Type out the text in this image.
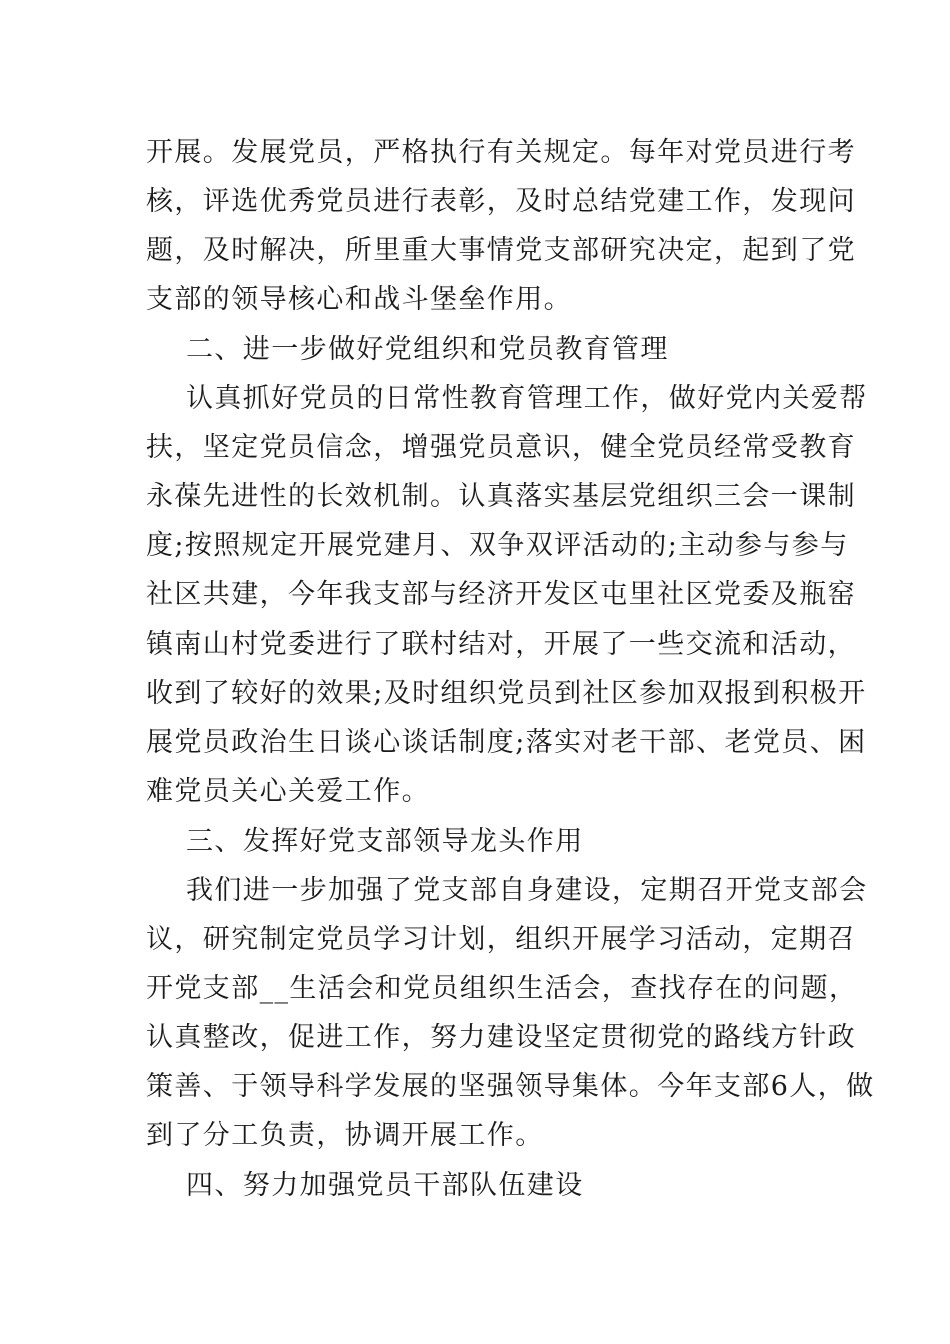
开展。发展党员，严格执行有关规定。每年对党员进行考

核，评选优秀党员进行表彰，及时总结党建工作，发现问

题，及时解决，所里重大事情党支部研究决定，起到了党

支部的领导核心和战斗堡垒作用。

二、进一步做好党组织和党员教育管理

认真抓好党员的日常性教育管理工作，做好党内关爱帮

扶，坚定党员信念，增强党员意识，健全党员经常受教育

永葆先进性的长效机制。认真落实基层党组织三会一课制

度;按照规定开展党建月、双争双评活动的;主动参与参与

社区共建，今年我支部与经济开发区屯里社区党委及瓶窑

镇南山村党委进行了联村结对，开展了一些交流和活动，

收到了较好的效果;及时组织党员到社区参加双报到积极开

展党员政治生日谈心谈话制度;落实对老干部、老党员、困

难党员关心关爱工作。

三、发挥好党支部领导龙头作用

我们进一步加强了党支部自身建设，定期召开党支部会

议，研究制定党员学习计划，组织开展学习活动，定期召

开党支部__生活会和党员组织生活会，查找存在的问题，

认真整改，促进工作，努力建设坚定贯彻党的路线方针政

策善、于领导科学发展的坚强领导集体。今年支部6人，做

到了分工负责，协调开展工作。

四、努力加强党员干部队伍建设
